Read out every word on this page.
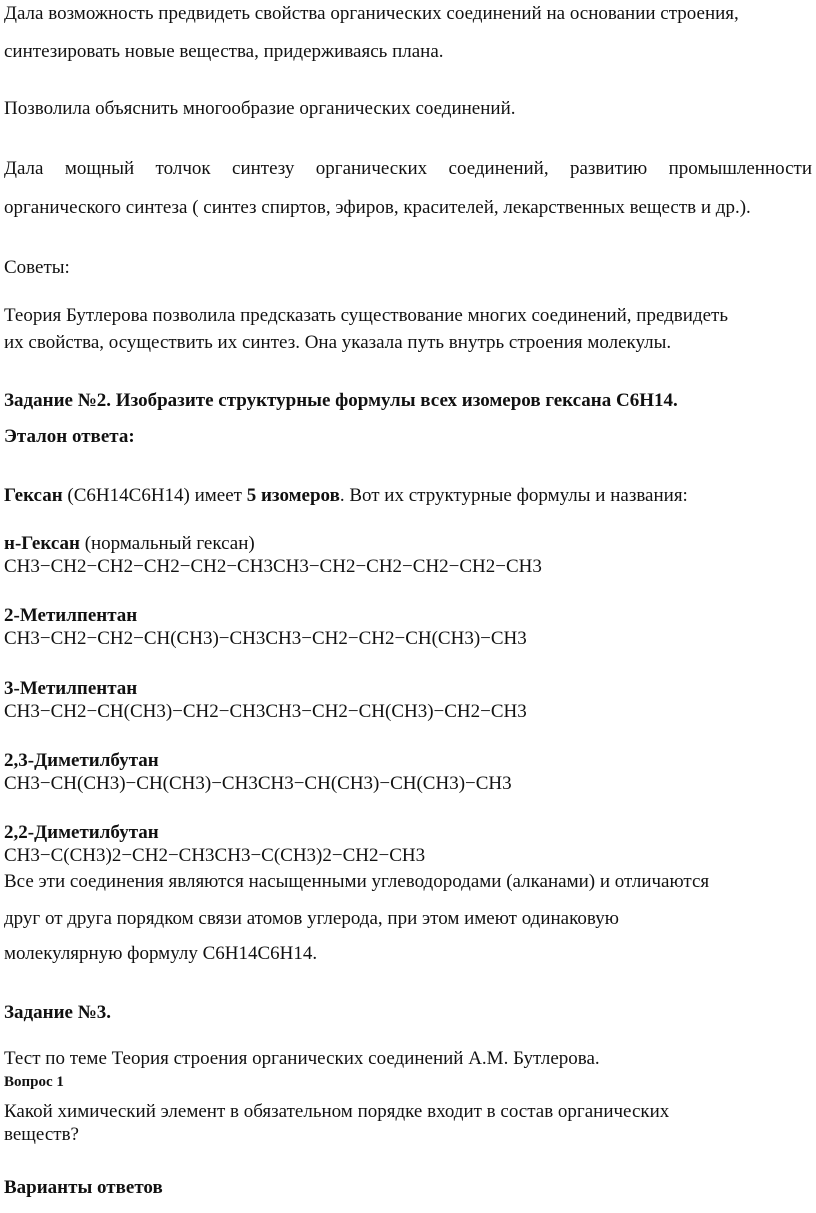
Дала возможность предвидеть свойства органических соединений на основании строения,
синтезировать новые вещества, придерживаясь плана.
Позволила объяснить многообразие органических соединений.
Дала мощный толчок синтезу органических соединений, развитию промышленности
органического синтеза ( синтез спиртов, эфиров, красителей, лекарственных веществ и др.).
Советы:
Теория Бутлерова позволила предсказать существование многих соединений, предвидеть
их свойства, осуществить их синтез. Она указала путь внутрь строения молекулы.
Задание №2. Изобразите структурные формулы всех изомеров гексана С6Н14.
Эталон ответа:
Гексан (C6H14C6H14) имеет 5 изомеров. Вот их структурные формулы и названия:
н-Гексан (нормальный гексан)
CH3−CH2−CH2−CH2−CH2−CH3CH3−CH2−CH2−CH2−CH2−CH3
2-Метилпентан
CH3−CH2−CH2−CH(CH3)−CH3CH3−CH2−CH2−CH(CH3)−CH3
3-Метилпентан
CH3−CH2−CH(CH3)−CH2−CH3CH3−CH2−CH(CH3)−CH2−CH3
2,3-Диметилбутан
CH3−CH(CH3)−CH(CH3)−CH3CH3−CH(CH3)−CH(CH3)−CH3
2,2-Диметилбутан
CH3−C(CH3)2−CH2−CH3CH3−C(CH3)2−CH2−CH3
Все эти соединения являются насыщенными углеводородами (алканами) и отличаются
друг от друга порядком связи атомов углерода, при этом имеют одинаковую
молекулярную формулу C6H14C6H14.
Задание №3.
Тест по теме Теория строения органических соединений А.М. Бутлерова.
Вопрос 1
Какой химический элемент в обязательном порядке входит в состав органических
веществ?
Варианты ответов
